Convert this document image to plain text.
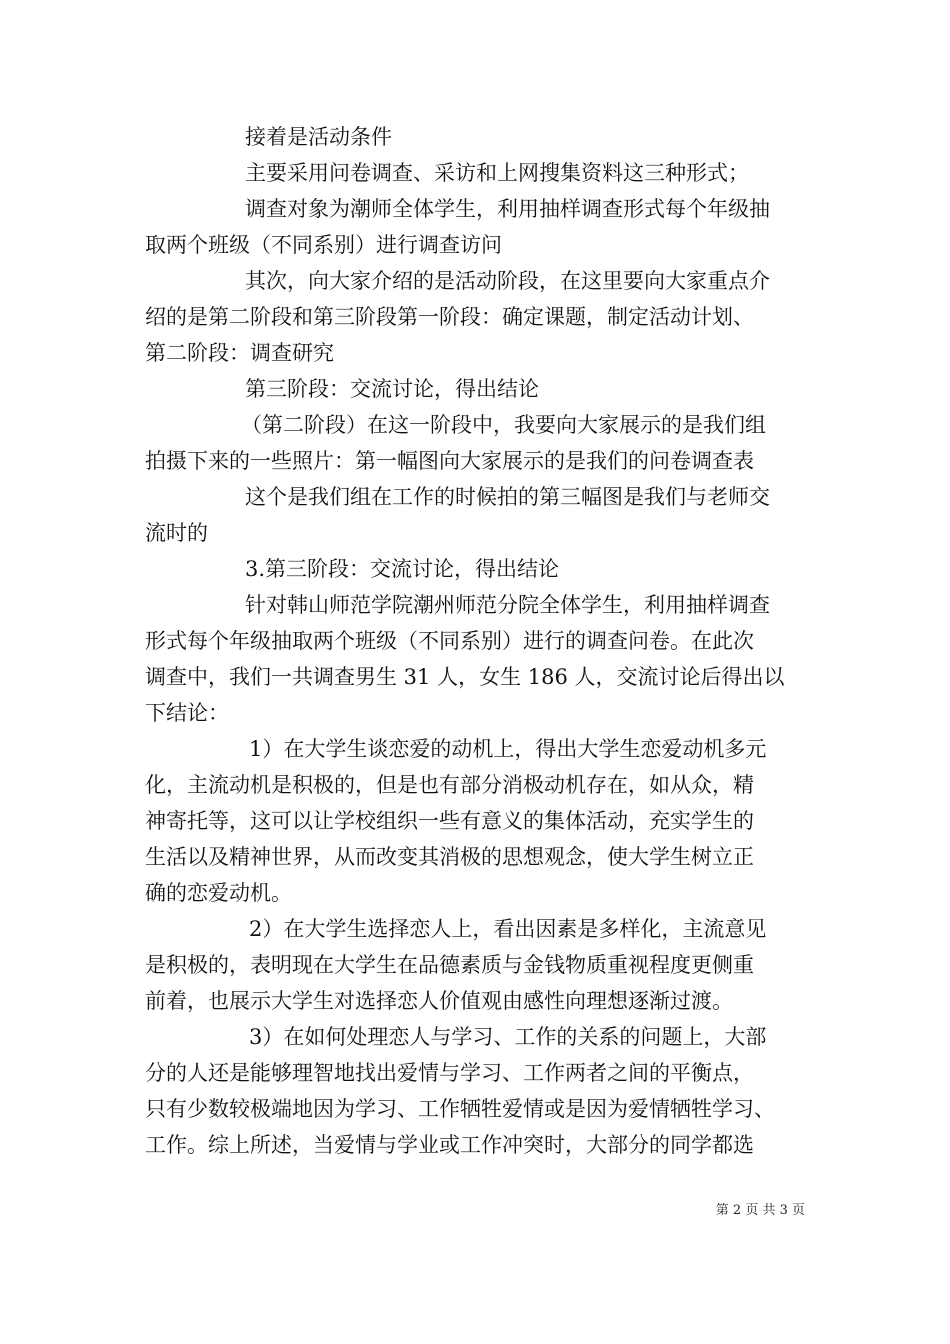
接着是活动条件
主要采用问卷调查、采访和上网搜集资料这三种形式；
调查对象为潮师全体学生，利用抽样调查形式每个年级抽
取两个班级（不同系别）进行调查访问
其次，向大家介绍的是活动阶段，在这里要向大家重点介
绍的是第二阶段和第三阶段第一阶段：确定课题，制定活动计划、
第二阶段：调查研究
第三阶段：交流讨论，得出结论
（第二阶段）在这一阶段中，我要向大家展示的是我们组
拍摄下来的一些照片：第一幅图向大家展示的是我们的问卷调查表
这个是我们组在工作的时候拍的第三幅图是我们与老师交
流时的
3.第三阶段：交流讨论，得出结论
针对韩山师范学院潮州师范分院全体学生，利用抽样调查
形式每个年级抽取两个班级（不同系别）进行的调查问卷。在此次
调查中，我们一共调查男生 31 人，女生 186 人，交流讨论后得出以
下结论：
1）在大学生谈恋爱的动机上，得出大学生恋爱动机多元
化，主流动机是积极的，但是也有部分消极动机存在，如从众，精
神寄托等，这可以让学校组织一些有意义的集体活动，充实学生的
生活以及精神世界，从而改变其消极的思想观念，使大学生树立正
确的恋爱动机。
2）在大学生选择恋人上，看出因素是多样化，主流意见
是积极的，表明现在大学生在品德素质与金钱物质重视程度更侧重
前着，也展示大学生对选择恋人价值观由感性向理想逐渐过渡。
3）在如何处理恋人与学习、工作的关系的问题上，大部
分的人还是能够理智地找出爱情与学习、工作两者之间的平衡点，
只有少数较极端地因为学习、工作牺牲爱情或是因为爱情牺牲学习、
工作。综上所述，当爱情与学业或工作冲突时，大部分的同学都选
第 2 页 共 3 页
